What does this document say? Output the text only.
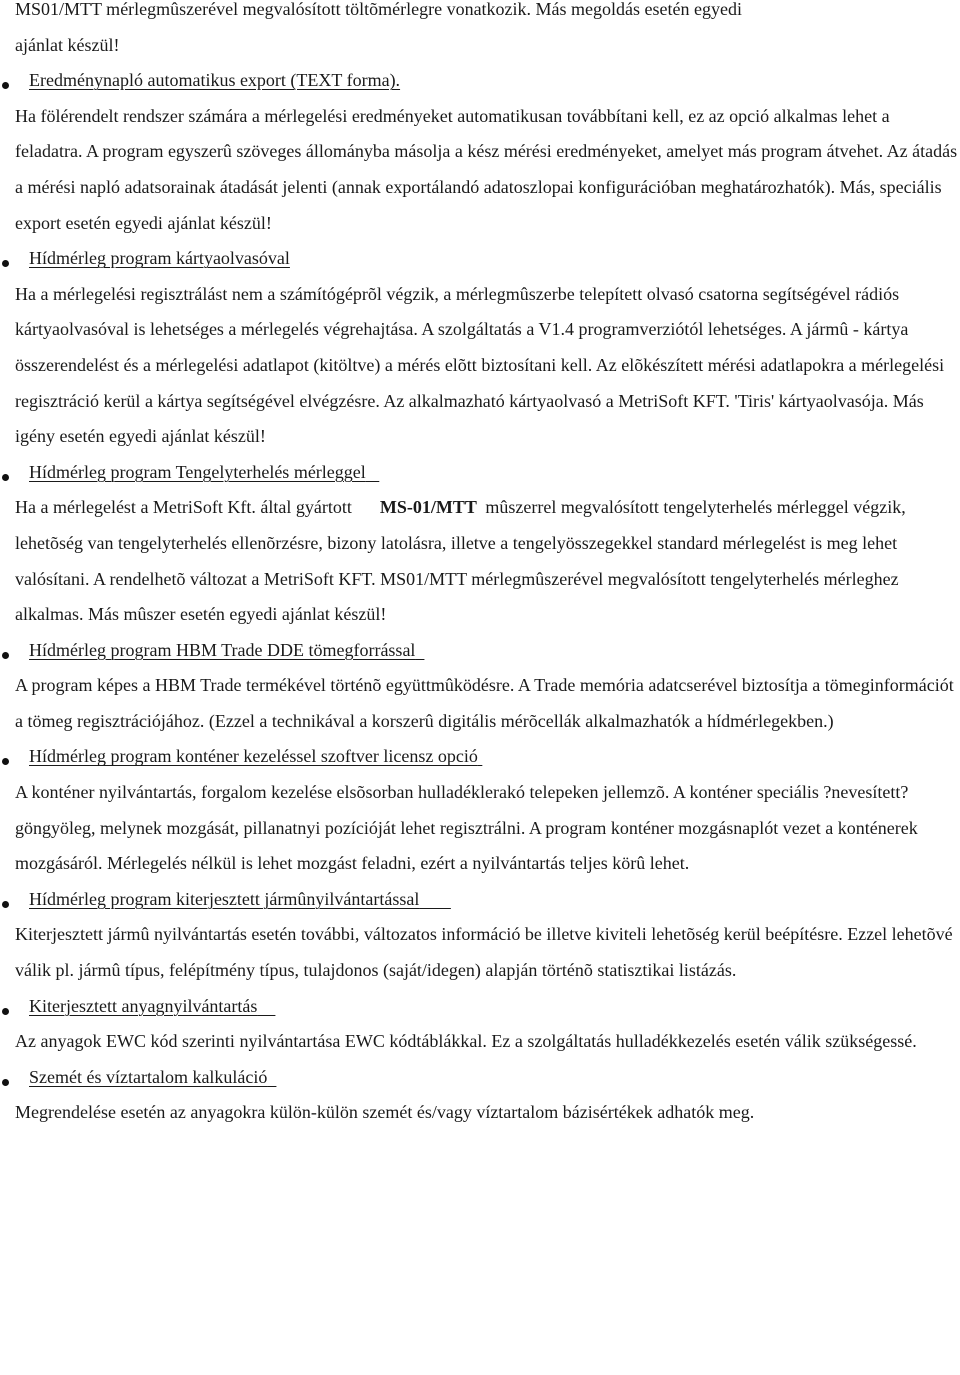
MS01/MTT mérlegmûszerével megvalósított töltõmérlegre vonatkozik. Más megoldás esetén egyedi
ajánlat készül!

Eredménynapló automatikus export (TEXT forma).

Ha fölérendelt rendszer számára a mérlegelési eredményeket automatikusan továbbítani kell, ez az opció alkalmas lehet a feladatra. A program egyszerû szöveges állományba másolja a kész mérési eredményeket, amelyet más program átvehet. Az átadás a mérési napló adatsorainak átadását jelenti (annak exportálandó adatoszlopai konfigurációban meghatározhatók). Más, speciális export esetén egyedi ajánlat készül!

Hídmérleg program kártyaolvasóval

Ha a mérlegelési regisztrálást nem a számítógéprõl végzik, a mérlegmûszerbe telepített olvasó csatorna segítségével rádiós kártyaolvasóval is lehetséges a mérlegelés végrehajtása. A szolgáltatás a V1.4 programverziótól lehetséges. A jármû - kártya összerendelést és a mérlegelési adatlapot (kitöltve) a mérés elõtt biztosítani kell. Az elõkészített mérési adatlapokra a mérlegelési regisztráció kerül a kártya segítségével elvégzésre. Az alkalmazható kártyaolvasó a MetriSoft KFT. 'Tiris' kártyaolvasója. Más igény esetén egyedi ajánlat készül!

Hídmérleg program Tengelyterhelés mérleggel

Ha a mérlegelést a MetriSoft Kft. által gyártott MS-01/MTT mûszerrel megvalósított tengelyterhelés mérleggel végzik, lehetõség van tengelyterhelés ellenõrzésre, bizony latolásra, illetve a tengelyösszegekkel standard mérlegelést is meg lehet valósítani. A rendelhetõ változat a MetriSoft KFT. MS01/MTT mérlegmûszerével megvalósított tengelyterhelés mérleghez alkalmas. Más mûszer esetén egyedi ajánlat készül!

Hídmérleg program HBM Trade DDE tömegforrással

A program képes a HBM Trade termékével történõ együttmûködésre. A Trade memória adatcserével biztosítja a tömeginformációt a tömeg regisztrációjához. (Ezzel a technikával a korszerû digitális mérõcellák alkalmazhatók a hídmérlegekben.)

Hídmérleg program konténer kezeléssel szoftver licensz opció

A konténer nyilvántartás, forgalom kezelése elsõsorban hulladéklerakó telepeken jellemzõ. A konténer speciális ?nevesített? göngyöleg, melynek mozgását, pillanatnyi pozícióját lehet regisztrálni. A program konténer mozgásnaplót vezet a konténerek mozgásáról. Mérlegelés nélkül is lehet mozgást feladni, ezért a nyilvántartás teljes körû lehet.

Hídmérleg program kiterjesztett jármûnyilvántartással

Kiterjesztett jármû nyilvántartás esetén további, változatos információ be illetve kiviteli lehetõség kerül beépítésre. Ezzel lehetõvé válik pl. jármû típus, felépítmény típus, tulajdonos (saját/idegen) alapján történõ statisztikai listázás.

Kiterjesztett anyagnyilvántartás

Az anyagok EWC kód szerinti nyilvántartása EWC kódtáblákkal. Ez a szolgáltatás hulladékkezelés esetén válik szükségessé.

Szemét és víztartalom kalkuláció

Megrendelése esetén az anyagokra külön-külön szemét és/vagy víztartalom bázisértékek adhatók meg.
